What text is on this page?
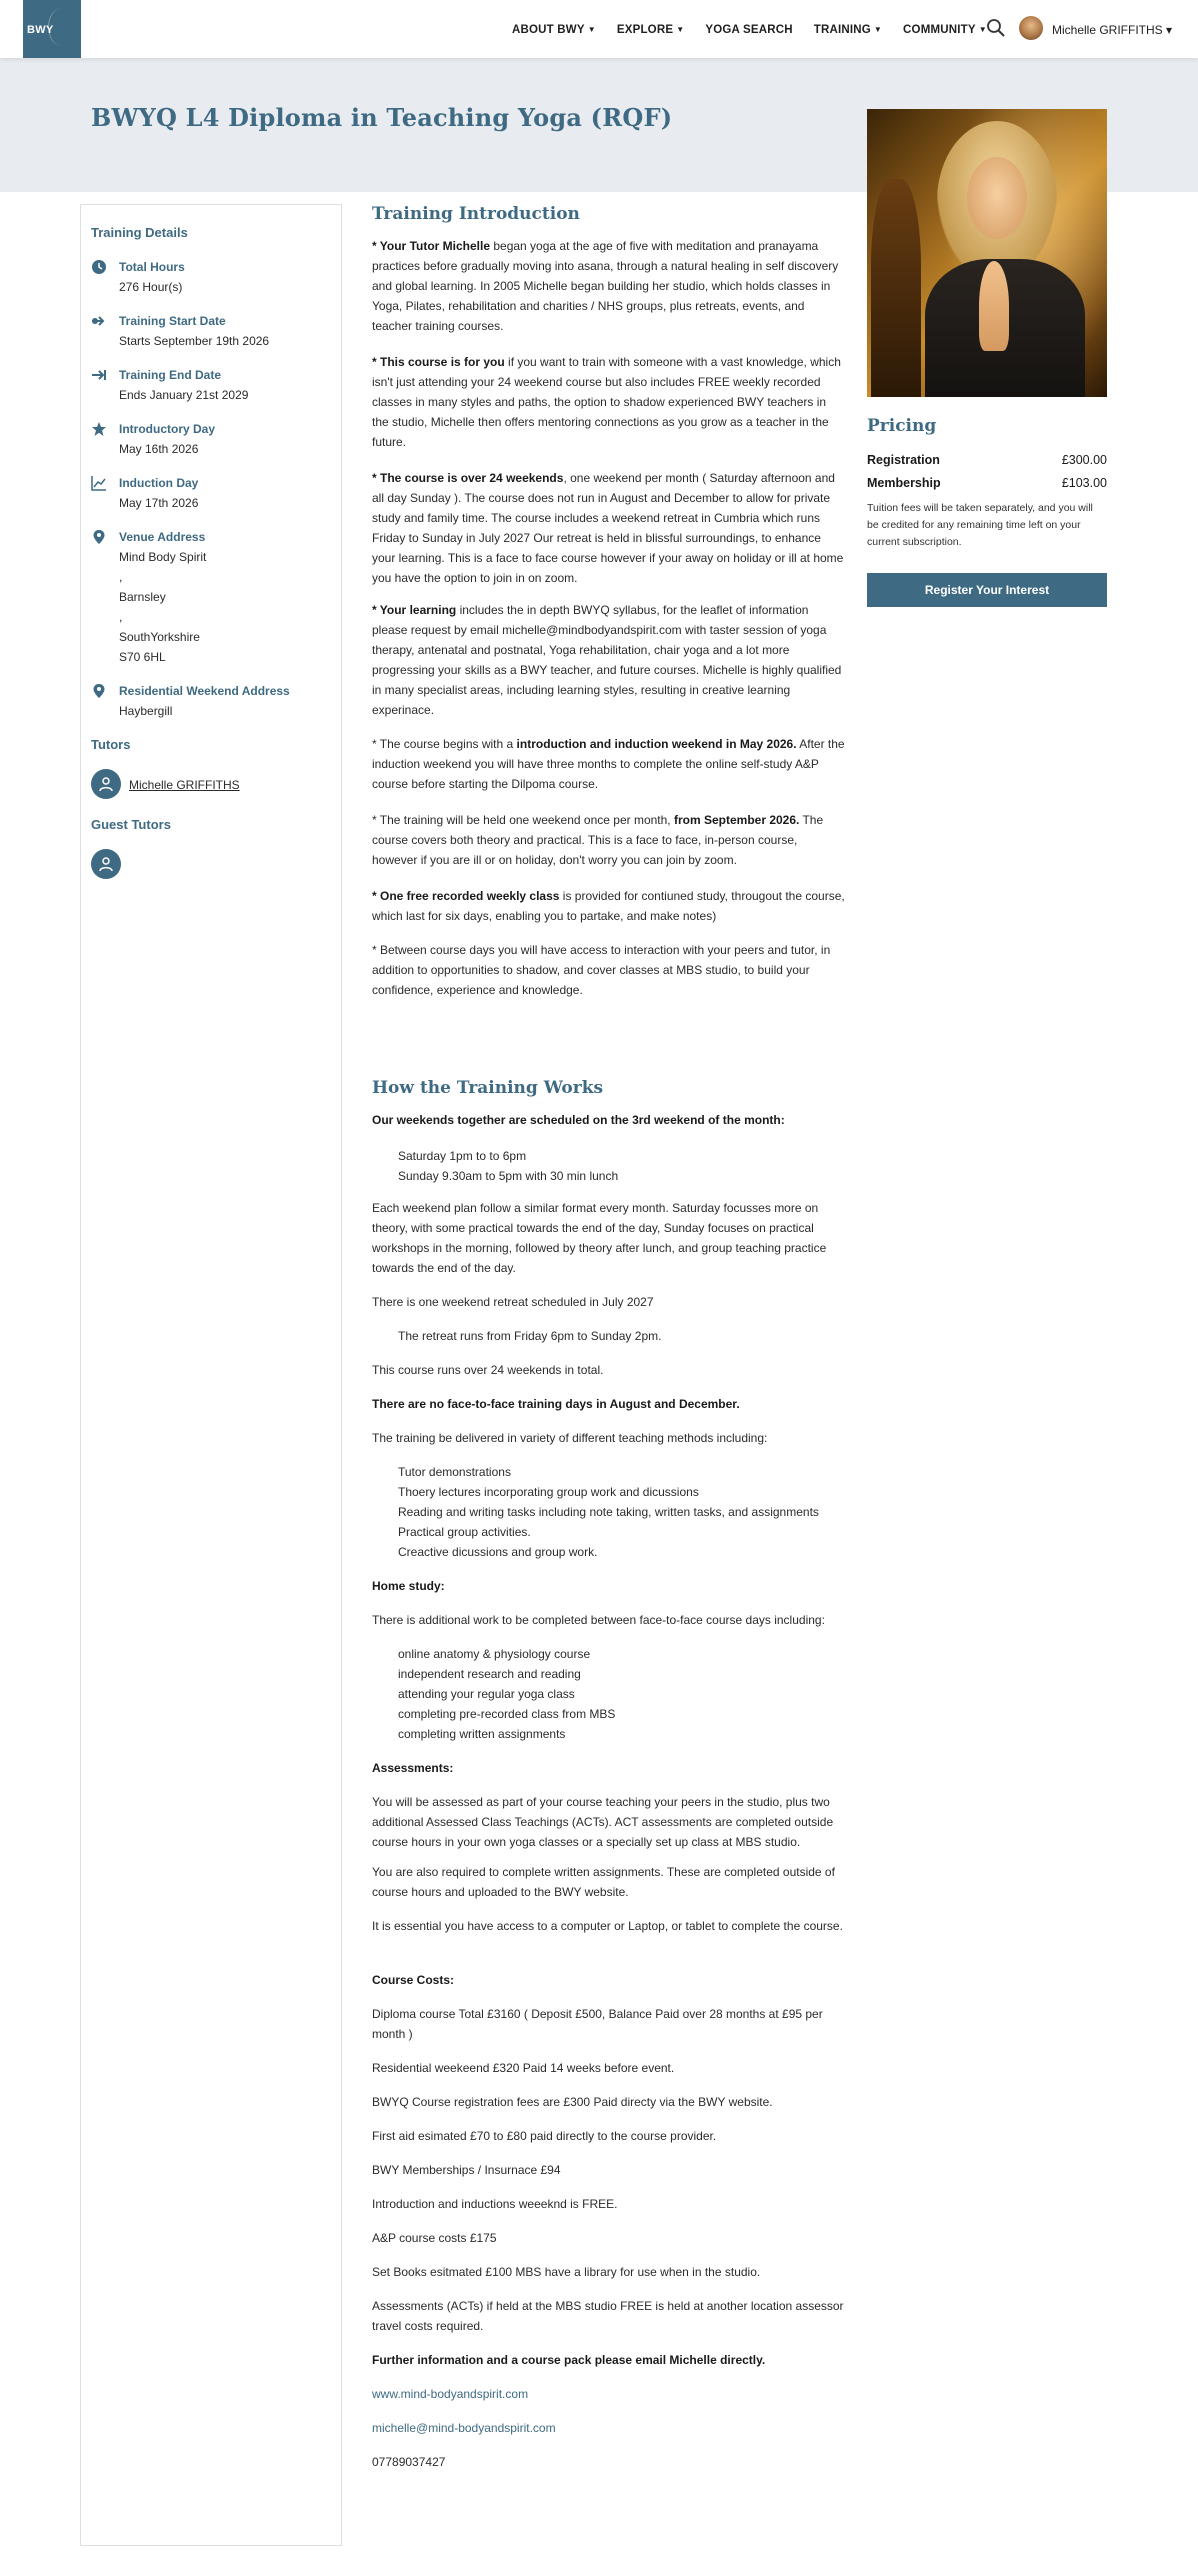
BWY	ABOUT BWY ▼ EXPLORE ▼ YOGA SEARCH TRAINING ▼ COMMUNITY ▼	Michelle GRIFFITHS ▾
BWYQ L4 Diploma in Teaching Yoga (RQF)
Training Details
Total Hours
276 Hour(s)
Training Start Date
Starts September 19th 2026
Training End Date
Ends January 21st 2029
Introductory Day
May 16th 2026
Induction Day
May 17th 2026
Venue Address
Mind Body Spirit
,
Barnsley
,
SouthYorkshire
S70 6HL
Residential Weekend Address
Haybergill
Tutors
Michelle GRIFFITHS
Guest Tutors
Training Introduction
* Your Tutor Michelle began yoga at the age of five with meditation and pranayama practices before gradually moving into asana, through a natural healing in self discovery and global learning. In 2005 Michelle began building her studio, which holds classes in Yoga, Pilates, rehabilitation and charities / NHS groups, plus retreats, events, and teacher training courses.
* This course is for you if you want to train with someone with a vast knowledge, which isn't just attending your 24 weekend course but also includes FREE weekly recorded classes in many styles and paths, the option to shadow experienced BWY teachers in the studio, Michelle then offers mentoring connections as you grow as a teacher in the future.
* The course is over 24 weekends, one weekend per month ( Saturday afternoon and all day Sunday ). The course does not run in August and December to allow for private study and family time. The course includes a weekend retreat in Cumbria which runs Friday to Sunday in July 2027 Our retreat is held in blissful surroundings, to enhance your learning. This is a face to face course however if your away on holiday or ill at home you have the option to join in on zoom.
* Your learning includes the in depth BWYQ syllabus, for the leaflet of information please request by email michelle@mindbodyandspirit.com with taster session of yoga therapy, antenatal and postnatal, Yoga rehabilitation, chair yoga and a lot more progressing your skills as a BWY teacher, and future courses. Michelle is highly qualified in many specialist areas, including learning styles, resulting in creative learning experinace.
* The course begins with a introduction and induction weekend in May 2026. After the induction weekend you will have three months to complete the online self-study A&P course before starting the Dilpoma course.
* The training will be held one weekend once per month, from September 2026. The course covers both theory and practical. This is a face to face, in-person course, however if you are ill or on holiday, don't worry you can join by zoom.
* One free recorded weekly class is provided for contiuned study, througout the course, which last for six days, enabling you to partake, and make notes)
* Between course days you will have access to interaction with your peers and tutor, in addition to opportunities to shadow, and cover classes at MBS studio, to build your confidence, experience and knowledge.
How the Training Works
Our weekends together are scheduled on the 3rd weekend of the month:
Saturday 1pm to to 6pm
Sunday 9.30am to 5pm with 30 min lunch
Each weekend plan follow a similar format every month. Saturday focusses more on theory, with some practical towards the end of the day, Sunday focuses on practical workshops in the morning, followed by theory after lunch, and group teaching practice towards the end of the day.
There is one weekend retreat scheduled in July 2027
The retreat runs from Friday 6pm to Sunday 2pm.
This course runs over 24 weekends in total.
There are no face-to-face training days in August and December.
The training be delivered in variety of different teaching methods including:
Tutor demonstrations
Thoery lectures incorporating group work and dicussions
Reading and writing tasks including note taking, written tasks, and assignments
Practical group activities.
Creactive dicussions and group work.
Home study:
There is additional work to be completed between face-to-face course days including:
online anatomy & physiology course
independent research and reading
attending your regular yoga class
completing pre-recorded class from MBS
completing written assignments
Assessments:
You will be assessed as part of your course teaching your peers in the studio, plus two additional Assessed Class Teachings (ACTs). ACT assessments are completed outside course hours in your own yoga classes or a specially set up class at MBS studio.
You are also required to complete written assignments. These are completed outside of course hours and uploaded to the BWY website.
It is essential you have access to a computer or Laptop, or tablet to complete the course.
Course Costs:
Diploma course Total £3160 ( Deposit £500, Balance Paid over 28 months at £95 per month )
Residential weekeend £320 Paid 14 weeks before event.
BWYQ Course registration fees are £300 Paid directy via the BWY website.
First aid esimated £70 to £80 paid directly to the course provider.
BWY Memberships / Insurnace £94
Introduction and inductions weeeknd is FREE.
A&P course costs £175
Set Books esitmated £100 MBS have a library for use when in the studio.
Assessments (ACTs) if held at the MBS studio FREE is held at another location assessor travel costs required.
Further information and a course pack please email Michelle directly.
www.mind-bodyandspirit.com
michelle@mind-bodyandspirit.com
07789037427
Pricing
Registration	£300.00
Membership	£103.00
Tuition fees will be taken separately, and you will be credited for any remaining time left on your current subscription.
Register Your Interest
